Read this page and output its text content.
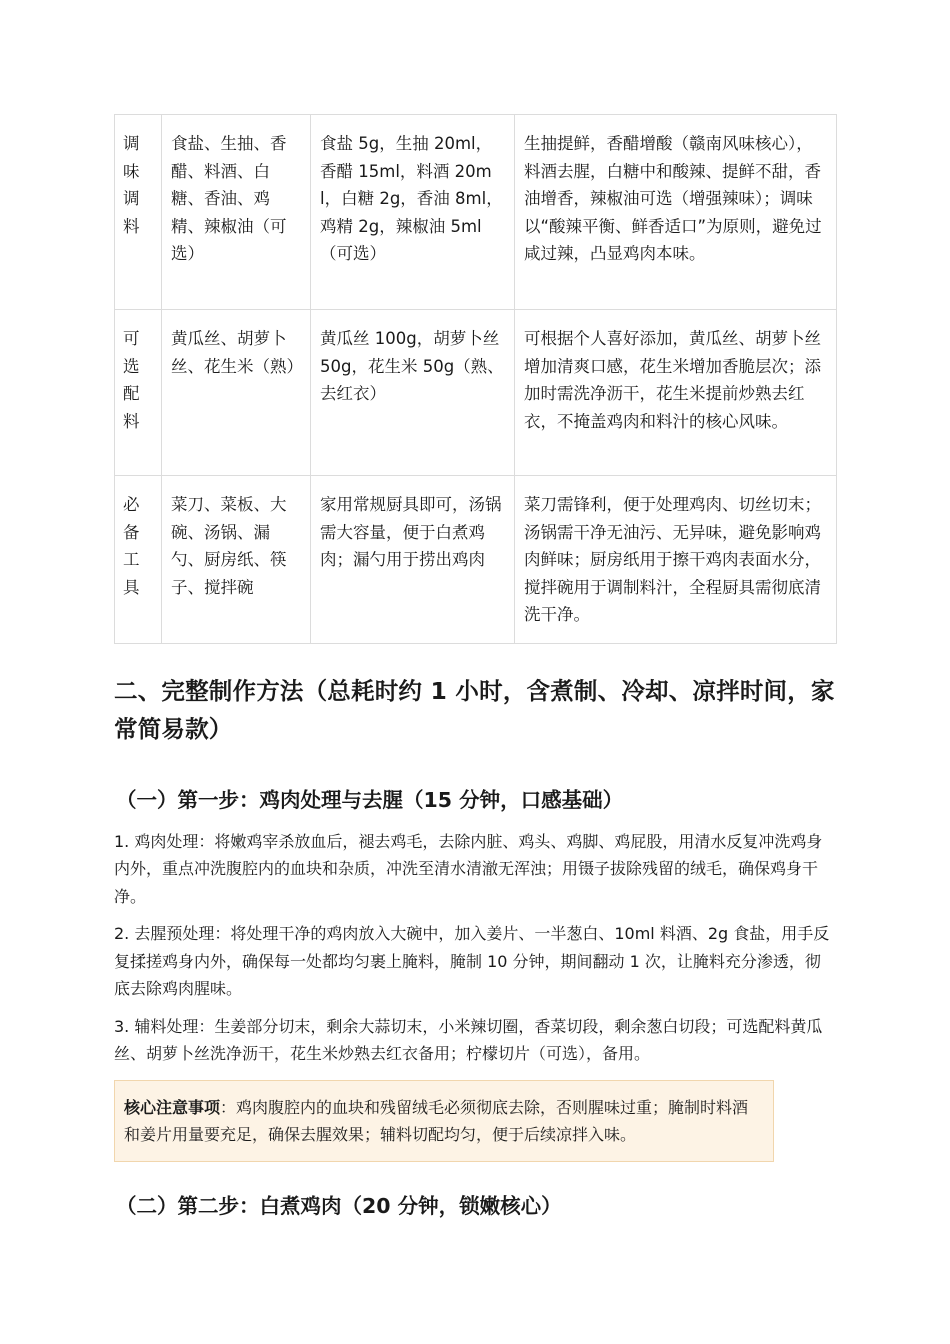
调味调料	食盐、生抽、香醋、料酒、白糖、香油、鸡精、辣椒油（可选）	食盐 5g，生抽 20ml，香醋 15ml，料酒 20ml，白糖 2g，香油 8ml，鸡精 2g，辣椒油 5ml（可选）	生抽提鲜，香醋增酸（赣南风味核心），料酒去腥，白糖中和酸辣、提鲜不甜，香油增香，辣椒油可选（增强辣味）；调味以“酸辣平衡、鲜香适口”为原则，避免过咸过辣，凸显鸡肉本味。

可选配料	黄瓜丝、胡萝卜丝、花生米（熟）	黄瓜丝 100g，胡萝卜丝 50g，花生米 50g（熟、去红衣）	可根据个人喜好添加，黄瓜丝、胡萝卜丝增加清爽口感，花生米增加香脆层次；添加时需洗净沥干，花生米提前炒熟去红衣，不掩盖鸡肉和料汁的核心风味。

必备工具	菜刀、菜板、大碗、汤锅、漏勺、厨房纸、筷子、搅拌碗	家用常规厨具即可，汤锅需大容量，便于白煮鸡肉；漏勺用于捞出鸡肉	菜刀需锋利，便于处理鸡肉、切丝切末；汤锅需干净无油污、无异味，避免影响鸡肉鲜味；厨房纸用于擦干鸡肉表面水分，搅拌碗用于调制料汁，全程厨具需彻底清洗干净。
二、完整制作方法（总耗时约 1 小时，含煮制、冷却、凉拌时间，家常简易款）
（一）第一步：鸡肉处理与去腥（15 分钟，口感基础）

1. 鸡肉处理：将嫩鸡宰杀放血后，褪去鸡毛，去除内脏、鸡头、鸡脚、鸡屁股，用清水反复冲洗鸡身内外，重点冲洗腹腔内的血块和杂质，冲洗至清水清澈无浑浊；用镊子拔除残留的绒毛，确保鸡身干净。

2. 去腥预处理：将处理干净的鸡肉放入大碗中，加入姜片、一半葱白、10ml 料酒、2g 食盐，用手反复揉搓鸡身内外，确保每一处都均匀裹上腌料，腌制 10 分钟，期间翻动 1 次，让腌料充分渗透，彻底去除鸡肉腥味。

3. 辅料处理：生姜部分切末，剩余大蒜切末，小米辣切圈，香菜切段，剩余葱白切段；可选配料黄瓜丝、胡萝卜丝洗净沥干，花生米炒熟去红衣备用；柠檬切片（可选），备用。

核心注意事项：鸡肉腹腔内的血块和残留绒毛必须彻底去除，否则腥味过重；腌制时料酒和姜片用量要充足，确保去腥效果；辅料切配均匀，便于后续凉拌入味。
（二）第二步：白煮鸡肉（20 分钟，锁嫩核心）
